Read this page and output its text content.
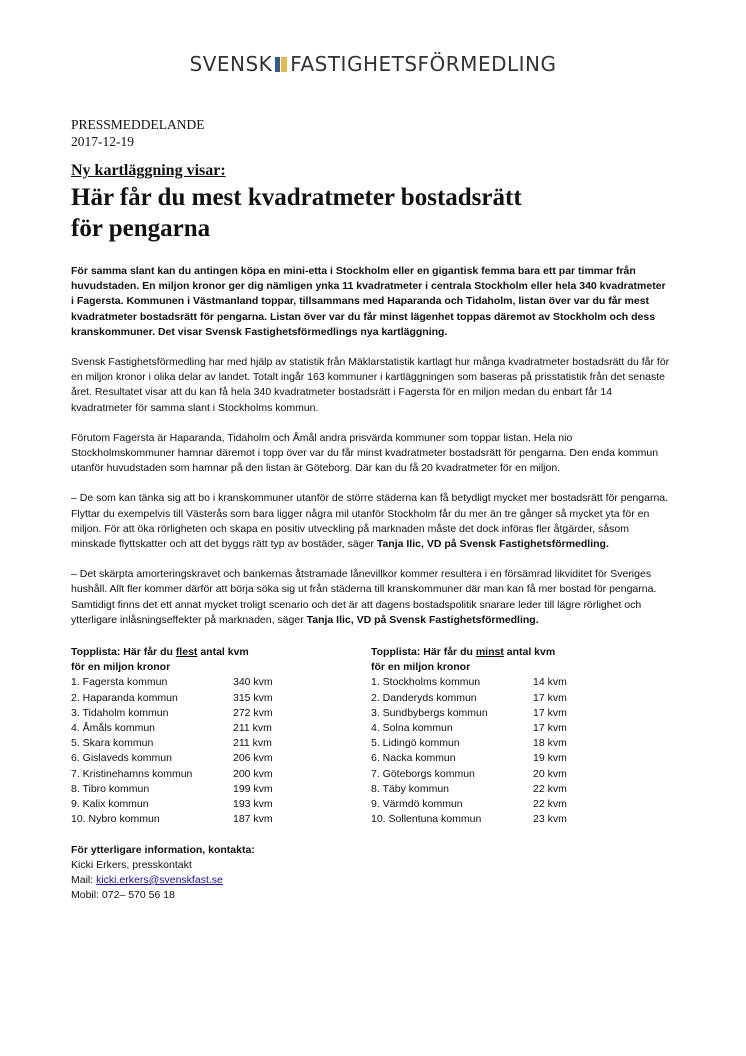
SVENSK FASTIGHETSFÖRMEDLING

PRESSMEDDELANDE

2017-12-19

Ny kartläggning visar:

Här får du mest kvadratmeter bostadsrätt
för pengarna

För samma slant kan du antingen köpa en mini-etta i Stockholm eller en gigantisk femma bara ett par timmar från huvudstaden. En miljon kronor ger dig nämligen ynka 11 kvadratmeter i centrala Stockholm eller hela 340 kvadratmeter i Fagersta. Kommunen i Västmanland toppar, tillsammans med Haparanda och Tidaholm, listan över var du får mest kvadratmeter bostadsrätt för pengarna. Listan över var du får minst lägenhet toppas däremot av Stockholm och dess kranskommuner. Det visar Svensk Fastighetsförmedlings nya kartläggning.

Svensk Fastighetsförmedling har med hjälp av statistik från Mäklarstatistik kartlagt hur många kvadratmeter bostadsrätt du får för en miljon kronor i olika delar av landet. Totalt ingår 163 kommuner i kartläggningen som baseras på prisstatistik från det senaste året. Resultatet visar att du kan få hela 340 kvadratmeter bostadsrätt i Fagersta för en miljon medan du enbart får 14 kvadratmeter för samma slant i Stockholms kommun.

Förutom Fagersta är Haparanda, Tidaholm och Åmål andra prisvärda kommuner som toppar listan. Hela nio Stockholmskommuner hamnar däremot i topp över var du får minst kvadratmeter bostadsrätt för pengarna. Den enda kommun utanför huvudstaden som hamnar på den listan är Göteborg. Där kan du få 20 kvadratmeter för en miljon.

– De som kan tänka sig att bo i kranskommuner utanför de större städerna kan få betydligt mycket mer bostadsrätt för pengarna. Flyttar du exempelvis till Västerås som bara ligger några mil utanför Stockholm får du mer än tre gånger så mycket yta för en miljon. För att öka rörligheten och skapa en positiv utveckling på marknaden måste det dock införas fler åtgärder, såsom minskade flyttskatter och att det byggs rätt typ av bostäder, säger Tanja Ilic, VD på Svensk Fastighetsförmedling.

– Det skärpta amorteringskravet och bankernas åtstramade lånevillkor kommer resultera i en försämrad likviditet för Sveriges hushåll. Allt fler kommer därför att börja söka sig ut från städerna till kranskommuner där man kan få mer bostad för pengarna. Samtidigt finns det ett annat mycket troligt scenario och det är att dagens bostadspolitik snarare leder till lägre rörlighet och ytterligare inlåsningseffekter på marknaden, säger Tanja Ilic, VD på Svensk Fastighetsförmedling.

Topplista: Här får du flest antal kvm
för en miljon kronor
1. Fagersta kommun	340 kvm
2. Haparanda kommun	315 kvm
3. Tidaholm kommun	272 kvm
4. Åmåls kommun	211 kvm
5. Skara kommun	211 kvm
6. Gislaveds kommun	206 kvm
7. Kristinehamns kommun	200 kvm
8. Tibro kommun	199 kvm
9. Kalix kommun	193 kvm
10. Nybro kommun	187 kvm
Topplista: Här får du minst antal kvm
för en miljon kronor
1. Stockholms kommun	14 kvm
2. Danderyds kommun	17 kvm
3. Sundbybergs kommun	17 kvm
4. Solna kommun	17 kvm
5. Lidingö kommun	18 kvm
6. Nacka kommun	19 kvm
7. Göteborgs kommun	20 kvm
8. Täby kommun	22 kvm
9. Värmdö kommun	22 kvm
10. Sollentuna kommun	23 kvm
För ytterligare information, kontakta:
Kicki Erkers, presskontakt
Mail: kicki.erkers@svenskfast.se
Mobil: 072– 570 56 18
